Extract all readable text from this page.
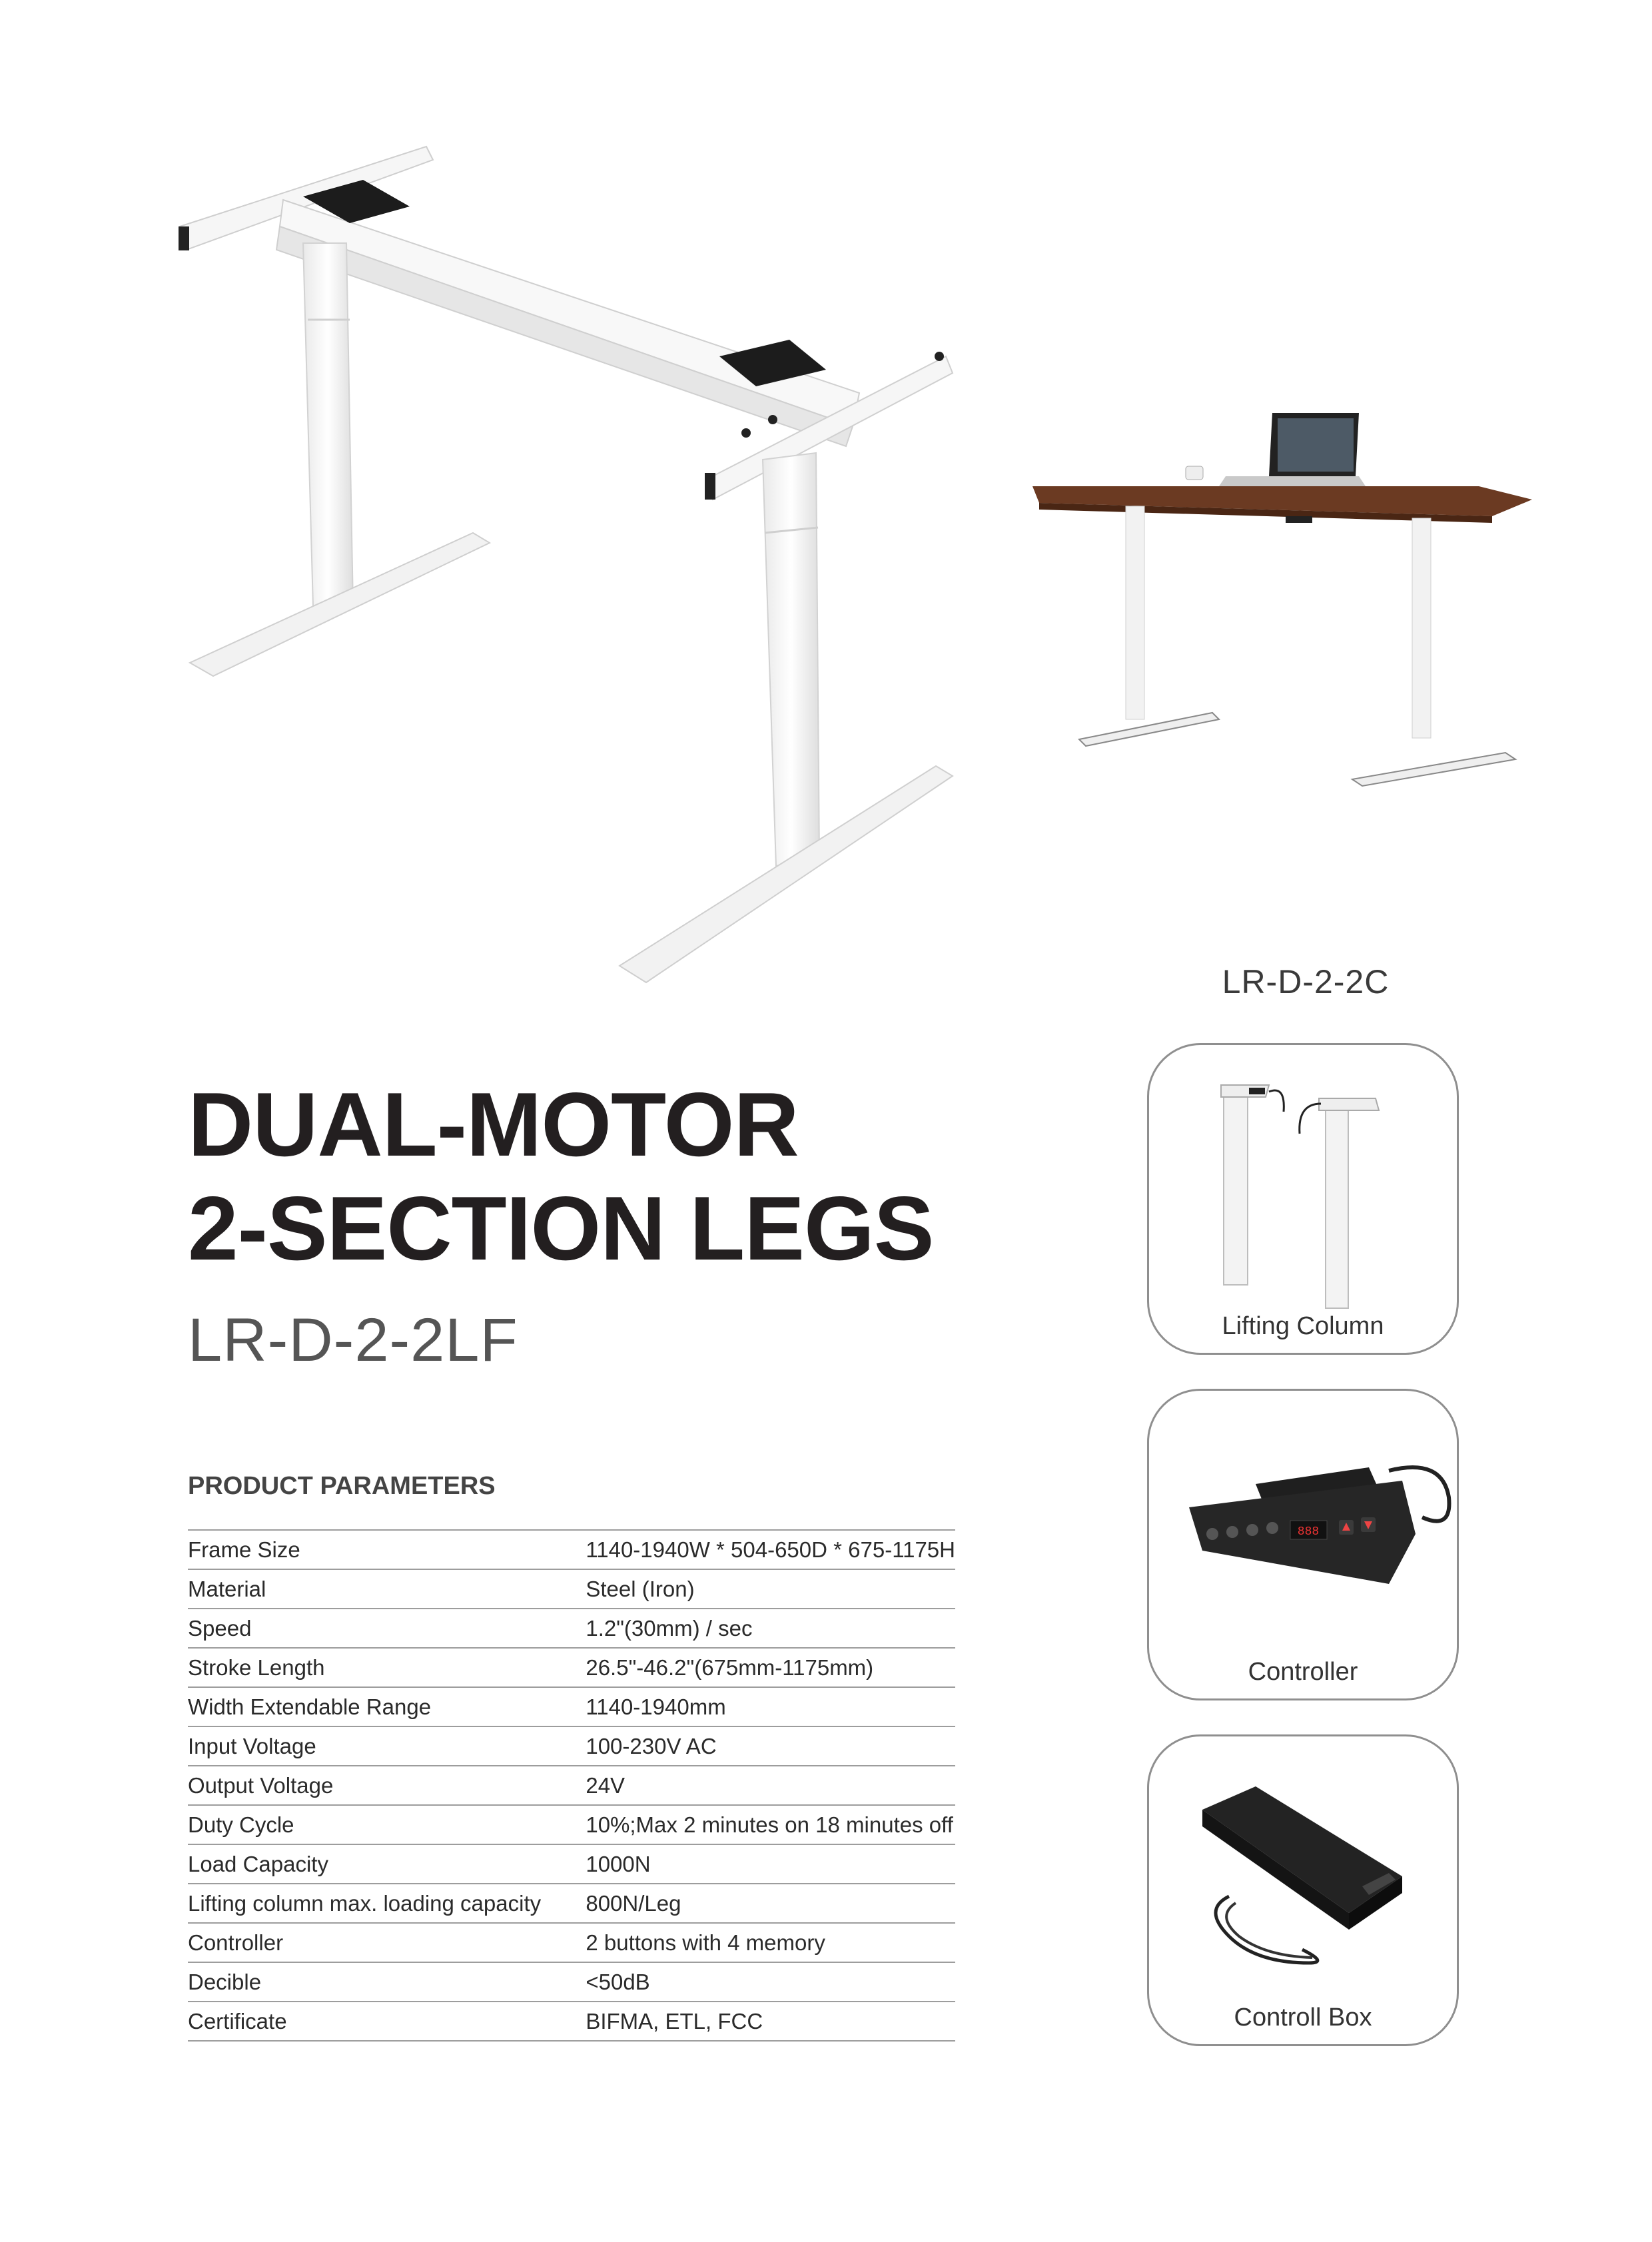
LR-D-2-2C
DUAL-MOTOR
2-SECTION LEGS
LR-D-2-2LF
PRODUCT PARAMETERS
Frame Size	1140-1940W * 504-650D * 675-1175H
Material	Steel (Iron)
Speed	1.2"(30mm) / sec
Stroke Length	26.5"-46.2"(675mm-1175mm)
Width Extendable Range	1140-1940mm
Input Voltage	100-230V AC
Output Voltage	24V
Duty Cycle	10%;Max 2 minutes on 18 minutes off
Load Capacity	1000N
Lifting column max. loading capacity	800N/Leg
Controller	2 buttons with 4 memory
Decible	<50dB
Certificate	BIFMA, ETL, FCC
Lifting Column
888
Controller
Controll Box
